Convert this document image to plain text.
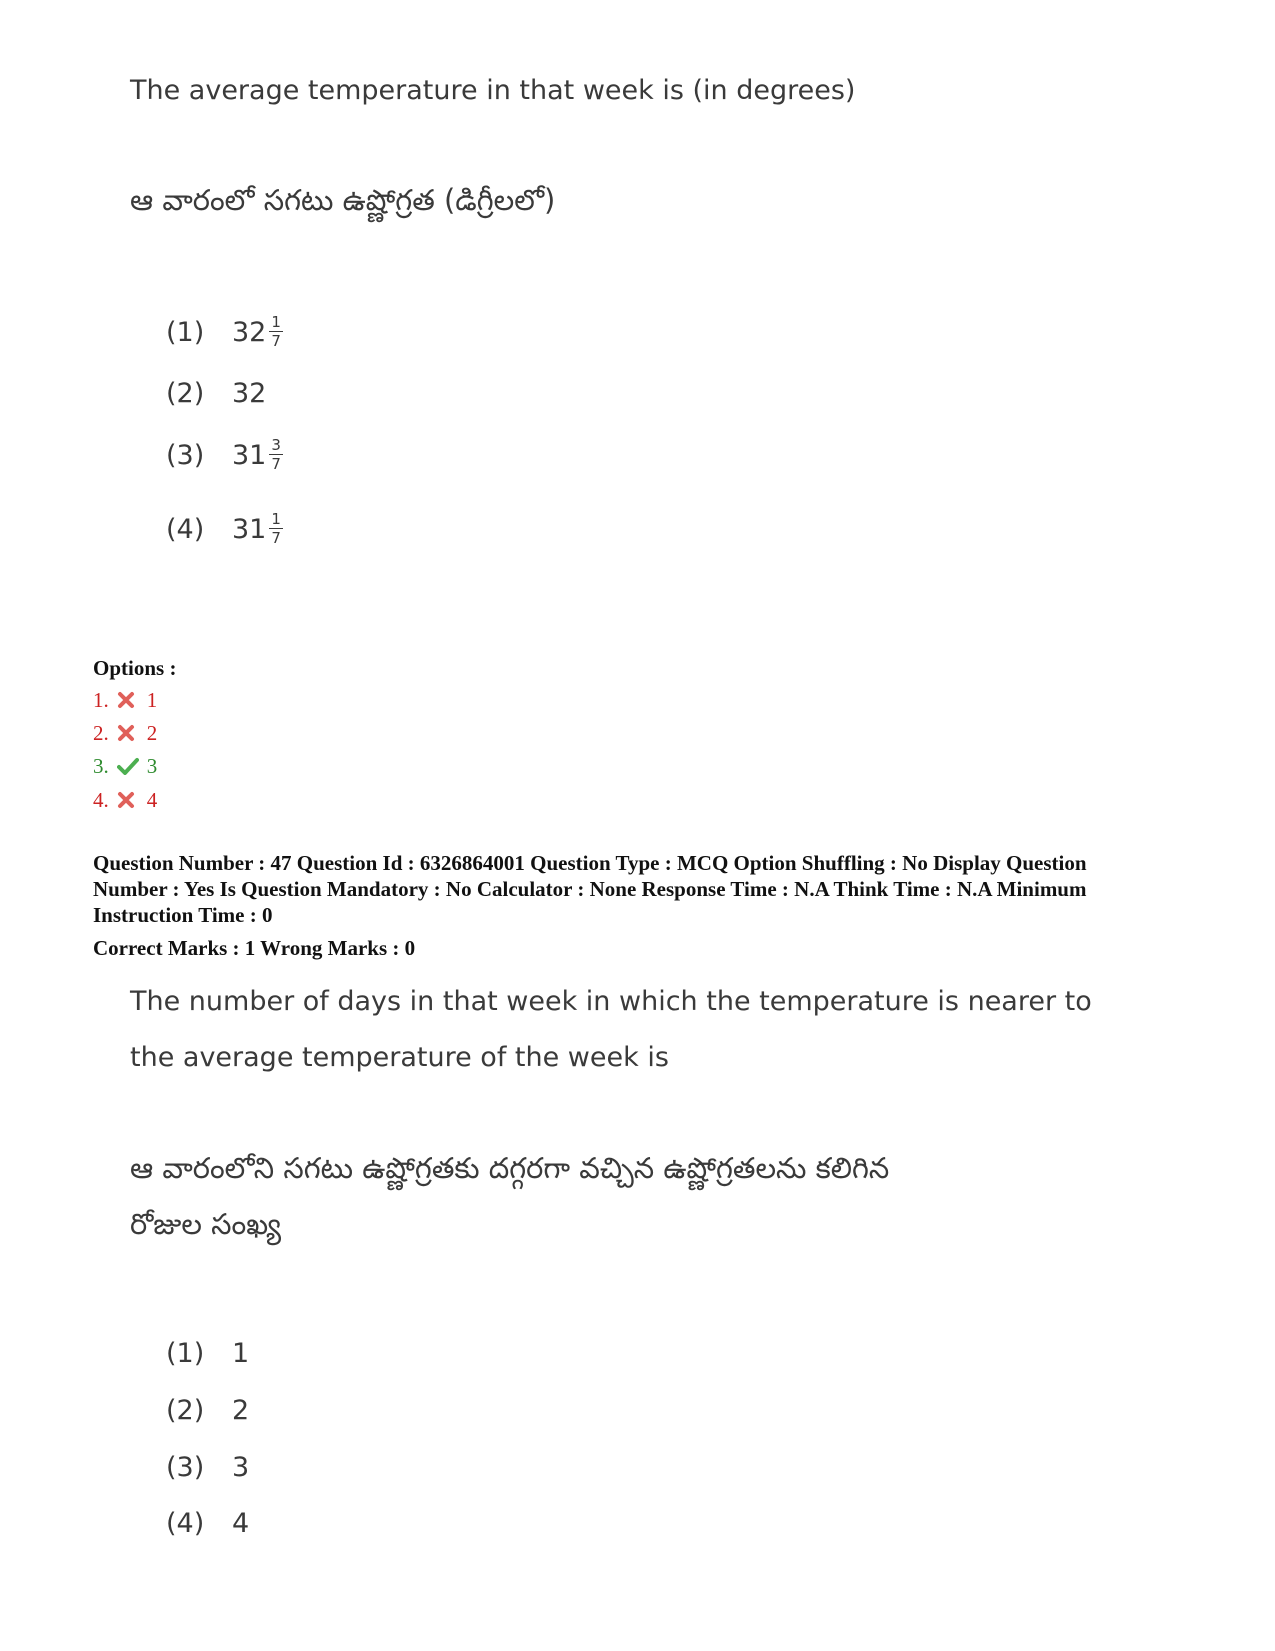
The average temperature in that week is (in degrees)
ఆ వారంలో సగటు ఉష్ణోగ్రత (డిగ్రీలలో)
(1)	$32 \frac{1}{7}$
(2)	32
(3)	$31 \frac{3}{7}$
(4)	$31 \frac{1}{7}$
Options :
1. 1
2. 2
3. 3
4. 4
Question Number : 47 Question Id : 6326864001 Question Type : MCQ Option Shuffling : No Display Question
Number : Yes Is Question Mandatory : No Calculator : None Response Time : N.A Think Time : N.A Minimum
Instruction Time : 0
Correct Marks : 1 Wrong Marks : 0
The number of days in that week in which the temperature is nearer to
the average temperature of the week is
ఆ వారంలోని సగటు ఉష్ణోగ్రతకు దగ్గరగా వచ్చిన ఉష్ణోగ్రతలను కలిగిన
రోజుల సంఖ్య
(1)	1
(2)	2
(3)	3
(4)	4
